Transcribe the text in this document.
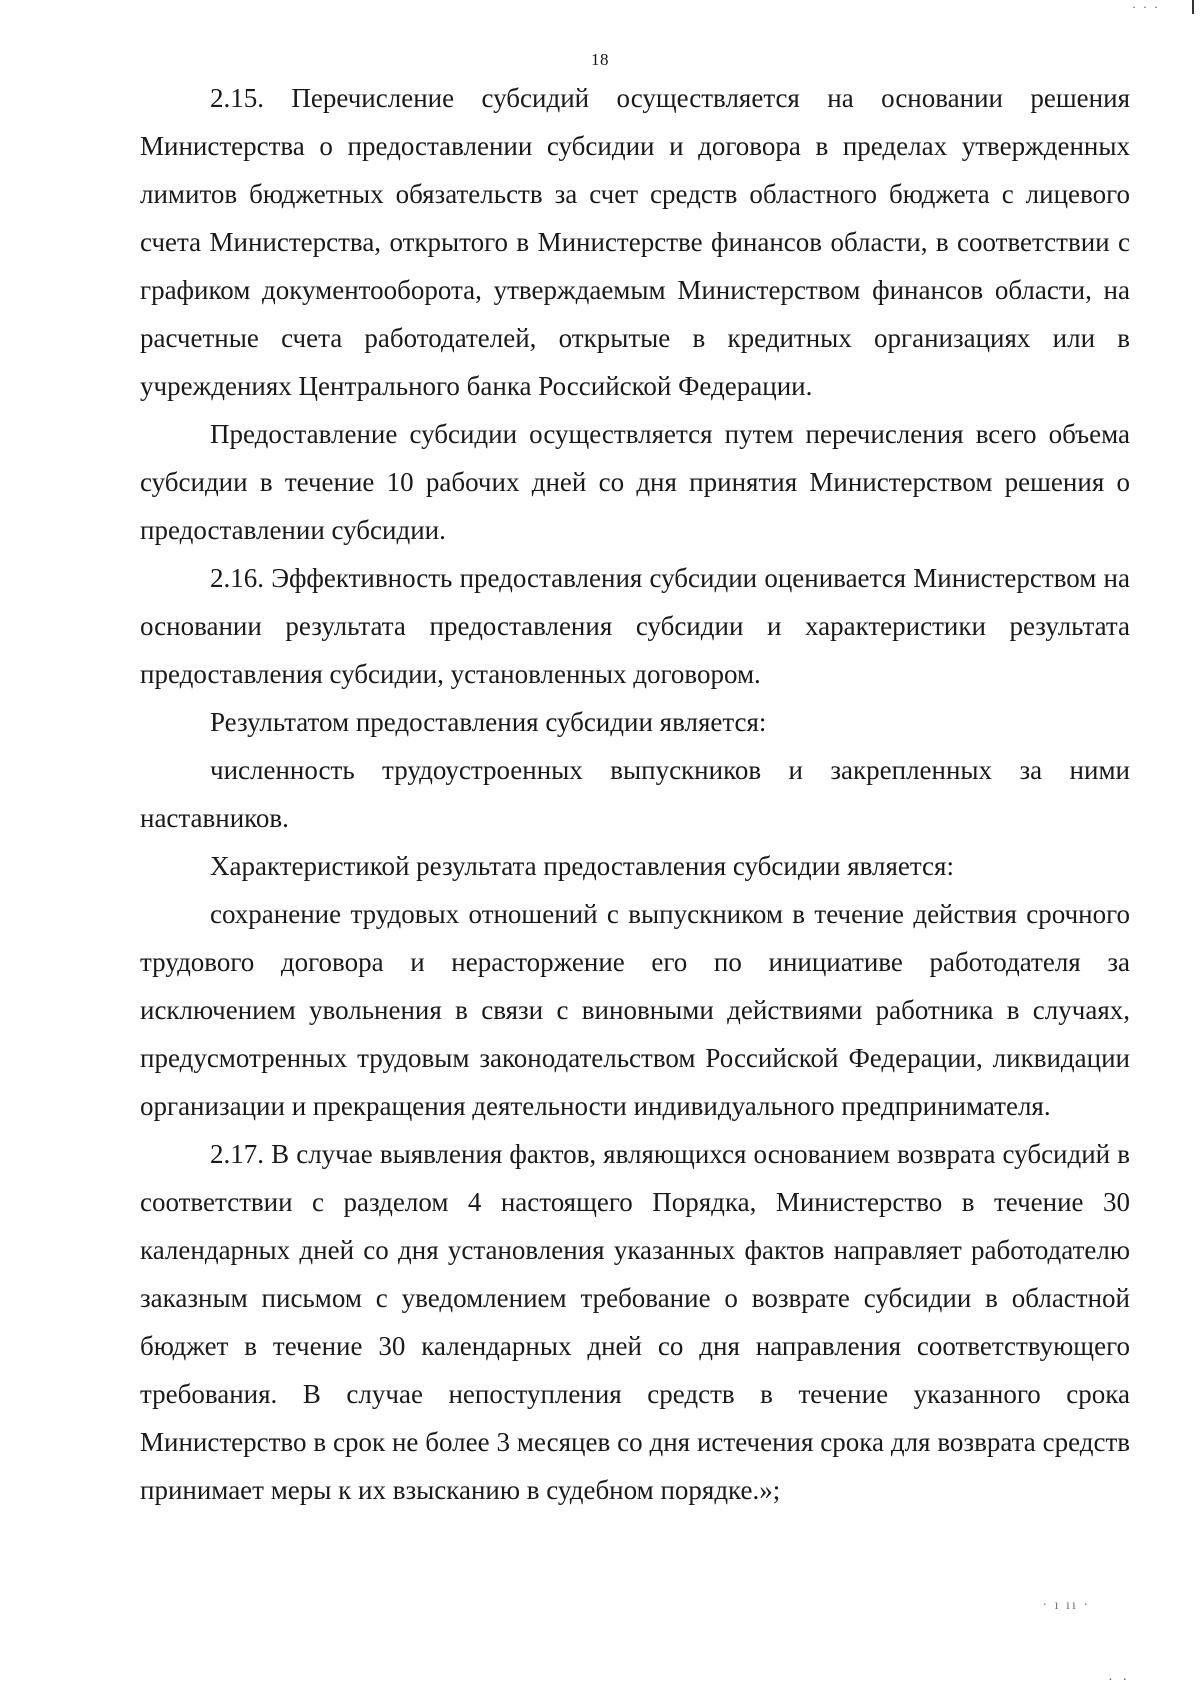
· · ·
18

2.15. Перечисление субсидий осуществляется на основании решения Министерства о предоставлении субсидии и договора в пределах утвержденных лимитов бюджетных обязательств за счет средств областного бюджета с лицевого счета Министерства, открытого в Министерстве финансов области, в соответствии с графиком документооборота, утверждаемым Министерством финансов области, на расчетные счета работодателей, открытые в кредитных организациях или в учреждениях Центрального банка Российской Федерации.

Предоставление субсидии осуществляется путем перечисления всего объема субсидии в течение 10 рабочих дней со дня принятия Министерством решения о предоставлении субсидии.

2.16. Эффективность предоставления субсидии оценивается Министерством на основании результата предоставления субсидии и характеристики результата предоставления субсидии, установленных договором.

Результатом предоставления субсидии является:

численность трудоустроенных выпускников и закрепленных за ними наставников.

Характеристикой результата предоставления субсидии является:

сохранение трудовых отношений с выпускником в течение действия срочного трудового договора и нерасторжение его по инициативе работодателя за исключением увольнения в связи с виновными действиями работника в случаях, предусмотренных трудовым законодательством Российской Федерации, ликвидации организации и прекращения деятельности индивидуального предпринимателя.

2.17. В случае выявления фактов, являющихся основанием возврата субсидий в соответствии с разделом 4 настоящего Порядка, Министерство в течение 30 календарных дней со дня установления указанных фактов направляет работодателю заказным письмом с уведомлением требование о возврате субсидии в областной бюджет в течение 30 календарных дней со дня направления соответствующего требования. В случае непоступления средств в течение указанного срока Министерство в срок не более 3 месяцев со дня истечения срока для возврата средств принимает меры к их взысканию в судебном порядке.»;

· ı ıı ·
· ·
